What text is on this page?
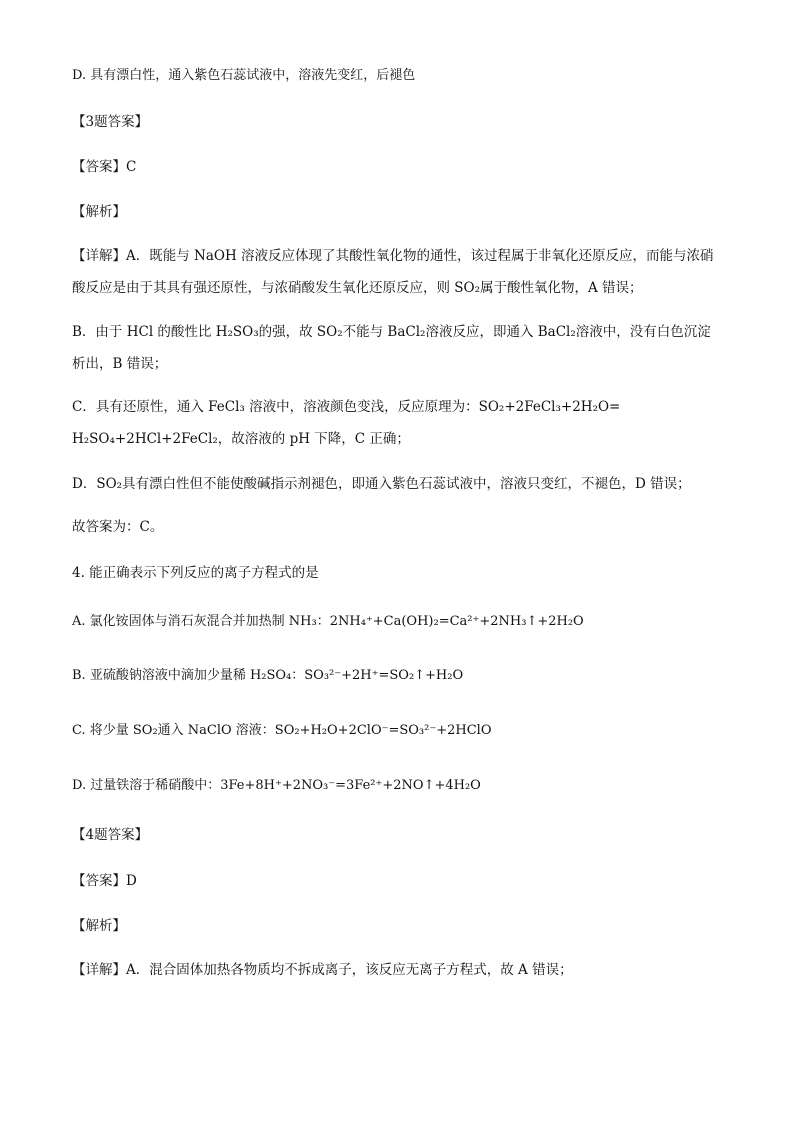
D. 具有漂白性，通入紫色石蕊试液中，溶液先变红，后褪色
【3题答案】
【答案】C
【解析】
【详解】A．既能与 NaOH 溶液反应体现了其酸性氧化物的通性，该过程属于非氧化还原反应，而能与浓硝酸反应是由于其具有强还原性，与浓硝酸发生氧化还原反应，则 SO₂属于酸性氧化物，A 错误；
B．由于 HCl 的酸性比 H₂SO₃的强，故 SO₂不能与 BaCl₂溶液反应，即通入 BaCl₂溶液中，没有白色沉淀析出，B 错误；
C．具有还原性，通入 FeCl₃ 溶液中，溶液颜色变浅，反应原理为：SO₂+2FeCl₃+2H₂O=
H₂SO₄+2HCl+2FeCl₂，故溶液的 pH 下降，C 正确；
D．SO₂具有漂白性但不能使酸碱指示剂褪色，即通入紫色石蕊试液中，溶液只变红，不褪色，D 错误；
故答案为：C。
4. 能正确表示下列反应的离子方程式的是
A. 氯化铵固体与消石灰混合并加热制 NH₃：2NH₄⁺+Ca(OH)₂=Ca²⁺+2NH₃↑+2H₂O
B. 亚硫酸钠溶液中滴加少量稀 H₂SO₄：SO₃²⁻+2H⁺=SO₂↑+H₂O
C. 将少量 SO₂通入 NaClO 溶液：SO₂+H₂O+2ClO⁻=SO₃²⁻+2HClO
D. 过量铁溶于稀硝酸中：3Fe+8H⁺+2NO₃⁻=3Fe²⁺+2NO↑+4H₂O
【4题答案】
【答案】D
【解析】
【详解】A．混合固体加热各物质均不拆成离子，该反应无离子方程式，故 A 错误；
